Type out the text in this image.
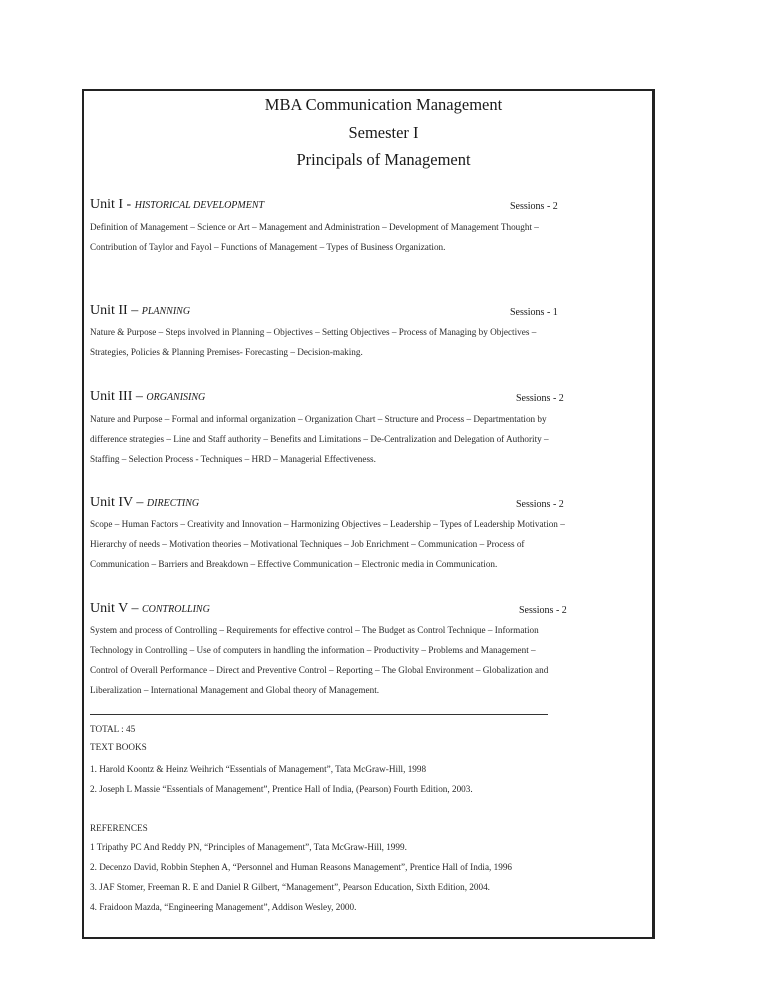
MBA Communication Management
Semester I
Principals of Management
Unit I - HISTORICAL DEVELOPMENT	Sessions - 2
Definition of Management – Science or Art – Management and Administration – Development of Management Thought –
Contribution of Taylor and Fayol – Functions of Management – Types of Business Organization.
Unit II – PLANNING	Sessions - 1
Nature & Purpose – Steps involved in Planning – Objectives – Setting Objectives – Process of Managing by Objectives –
Strategies, Policies & Planning Premises- Forecasting – Decision-making.
Unit III – ORGANISING	Sessions - 2
Nature and Purpose – Formal and informal organization – Organization Chart – Structure and Process – Departmentation by
difference strategies – Line and Staff authority – Benefits and Limitations – De-Centralization and Delegation of Authority –
Staffing – Selection Process - Techniques – HRD – Managerial Effectiveness.
Unit IV – DIRECTING	Sessions - 2
Scope – Human Factors – Creativity and Innovation – Harmonizing Objectives – Leadership – Types of Leadership Motivation –
Hierarchy of needs – Motivation theories – Motivational Techniques – Job Enrichment – Communication – Process of
Communication – Barriers and Breakdown – Effective Communication – Electronic media in Communication.
Unit V – CONTROLLING	Sessions - 2
System and process of Controlling – Requirements for effective control – The Budget as Control Technique – Information
Technology in Controlling – Use of computers in handling the information – Productivity – Problems and Management –
Control of Overall Performance – Direct and Preventive Control – Reporting – The Global Environment – Globalization and
Liberalization – International Management and Global theory of Management.
TOTAL : 45
TEXT BOOKS
1. Harold Koontz & Heinz Weihrich “Essentials of Management”, Tata McGraw-Hill, 1998
2. Joseph L Massie “Essentials of Management”, Prentice Hall of India, (Pearson) Fourth Edition, 2003.
REFERENCES
1 Tripathy PC And Reddy PN, “Principles of Management”, Tata McGraw-Hill, 1999.
2. Decenzo David, Robbin Stephen A, “Personnel and Human Reasons Management”, Prentice Hall of India, 1996
3. JAF Stomer, Freeman R. E and Daniel R Gilbert, “Management”, Pearson Education, Sixth Edition, 2004.
4. Fraidoon Mazda, “Engineering Management”, Addison Wesley, 2000.
